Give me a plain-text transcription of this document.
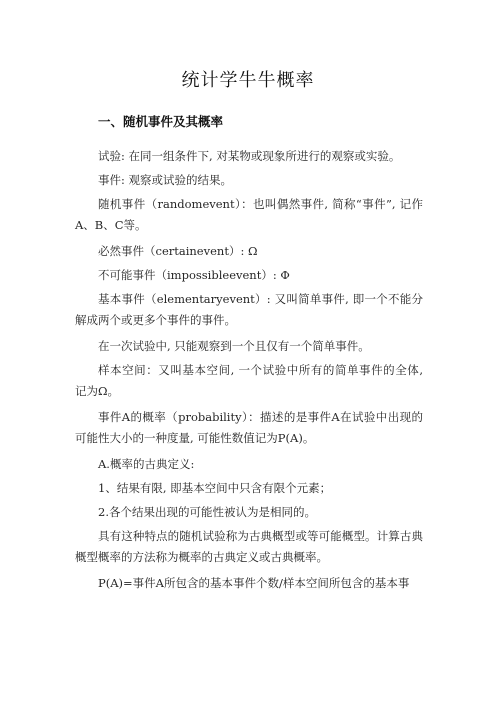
统计学牛牛概率
一、随机事件及其概率
试验: 在同一组条件下, 对某物或现象所进行的观察或实验。
事件: 观察或试验的结果。
随机事件（randomevent）：也叫偶然事件, 简称“事件”, 记作A、B、C等。
必然事件（certainevent）: Ω
不可能事件（impossibleevent）: Φ
基本事件（elementaryevent）: 又叫简单事件, 即一个不能分解成两个或更多个事件的事件。
在一次试验中, 只能观察到一个且仅有一个简单事件。
样本空间：又叫基本空间, 一个试验中所有的简单事件的全体, 记为Ω。
事件A的概率（probability）：描述的是事件A在试验中出现的可能性大小的一种度量, 可能性数值记为P(A)。
A.概率的古典定义:
1、结果有限, 即基本空间中只含有限个元素；
2.各个结果出现的可能性被认为是相同的。
具有这种特点的随机试验称为古典概型或等可能概型。计算古典概型概率的方法称为概率的古典定义或古典概率。
P(A)=事件A所包含的基本事件个数/样本空间所包含的基本事
